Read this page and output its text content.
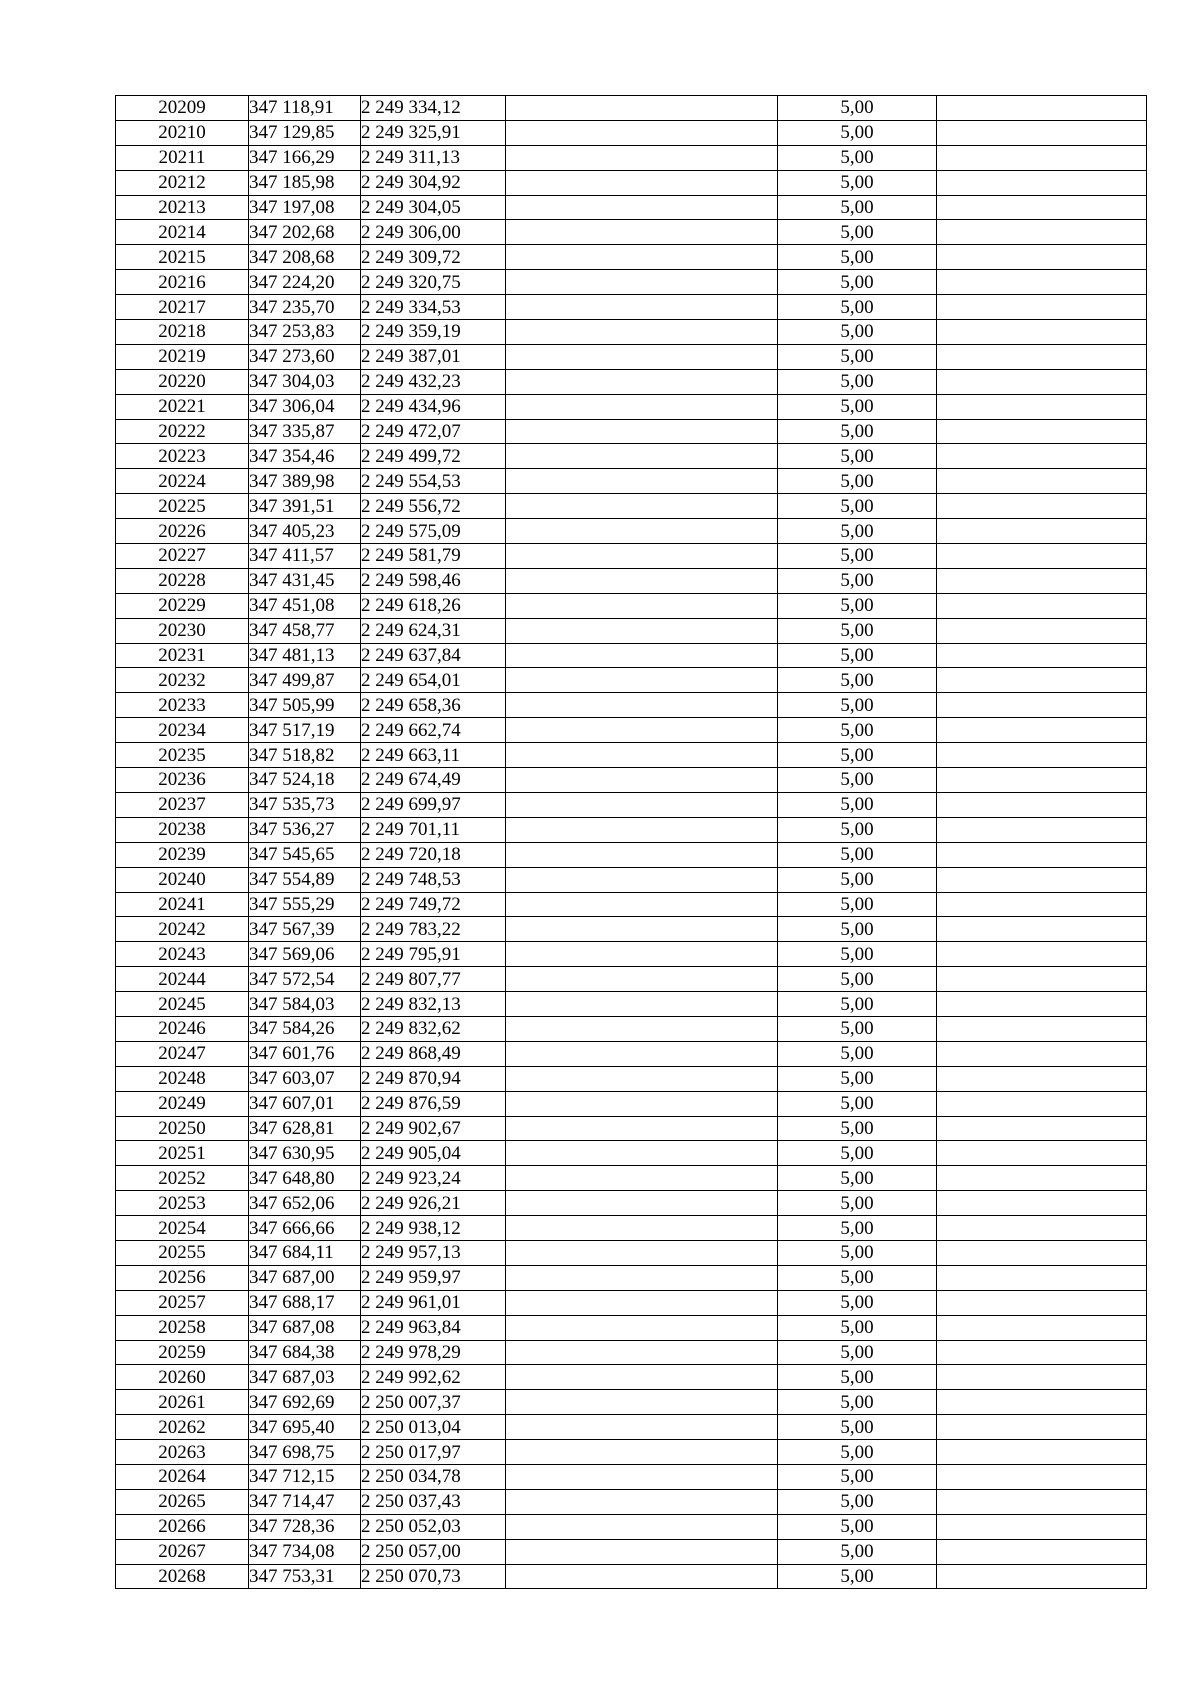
20209	347 118,91	2 249 334,12		5,00	
20210	347 129,85	2 249 325,91		5,00	
20211	347 166,29	2 249 311,13		5,00	
20212	347 185,98	2 249 304,92		5,00	
20213	347 197,08	2 249 304,05		5,00	
20214	347 202,68	2 249 306,00		5,00	
20215	347 208,68	2 249 309,72		5,00	
20216	347 224,20	2 249 320,75		5,00	
20217	347 235,70	2 249 334,53		5,00	
20218	347 253,83	2 249 359,19		5,00	
20219	347 273,60	2 249 387,01		5,00	
20220	347 304,03	2 249 432,23		5,00	
20221	347 306,04	2 249 434,96		5,00	
20222	347 335,87	2 249 472,07		5,00	
20223	347 354,46	2 249 499,72		5,00	
20224	347 389,98	2 249 554,53		5,00	
20225	347 391,51	2 249 556,72		5,00	
20226	347 405,23	2 249 575,09		5,00	
20227	347 411,57	2 249 581,79		5,00	
20228	347 431,45	2 249 598,46		5,00	
20229	347 451,08	2 249 618,26		5,00	
20230	347 458,77	2 249 624,31		5,00	
20231	347 481,13	2 249 637,84		5,00	
20232	347 499,87	2 249 654,01		5,00	
20233	347 505,99	2 249 658,36		5,00	
20234	347 517,19	2 249 662,74		5,00	
20235	347 518,82	2 249 663,11		5,00	
20236	347 524,18	2 249 674,49		5,00	
20237	347 535,73	2 249 699,97		5,00	
20238	347 536,27	2 249 701,11		5,00	
20239	347 545,65	2 249 720,18		5,00	
20240	347 554,89	2 249 748,53		5,00	
20241	347 555,29	2 249 749,72		5,00	
20242	347 567,39	2 249 783,22		5,00	
20243	347 569,06	2 249 795,91		5,00	
20244	347 572,54	2 249 807,77		5,00	
20245	347 584,03	2 249 832,13		5,00	
20246	347 584,26	2 249 832,62		5,00	
20247	347 601,76	2 249 868,49		5,00	
20248	347 603,07	2 249 870,94		5,00	
20249	347 607,01	2 249 876,59		5,00	
20250	347 628,81	2 249 902,67		5,00	
20251	347 630,95	2 249 905,04		5,00	
20252	347 648,80	2 249 923,24		5,00	
20253	347 652,06	2 249 926,21		5,00	
20254	347 666,66	2 249 938,12		5,00	
20255	347 684,11	2 249 957,13		5,00	
20256	347 687,00	2 249 959,97		5,00	
20257	347 688,17	2 249 961,01		5,00	
20258	347 687,08	2 249 963,84		5,00	
20259	347 684,38	2 249 978,29		5,00	
20260	347 687,03	2 249 992,62		5,00	
20261	347 692,69	2 250 007,37		5,00	
20262	347 695,40	2 250 013,04		5,00	
20263	347 698,75	2 250 017,97		5,00	
20264	347 712,15	2 250 034,78		5,00	
20265	347 714,47	2 250 037,43		5,00	
20266	347 728,36	2 250 052,03		5,00	
20267	347 734,08	2 250 057,00		5,00	
20268	347 753,31	2 250 070,73		5,00	
